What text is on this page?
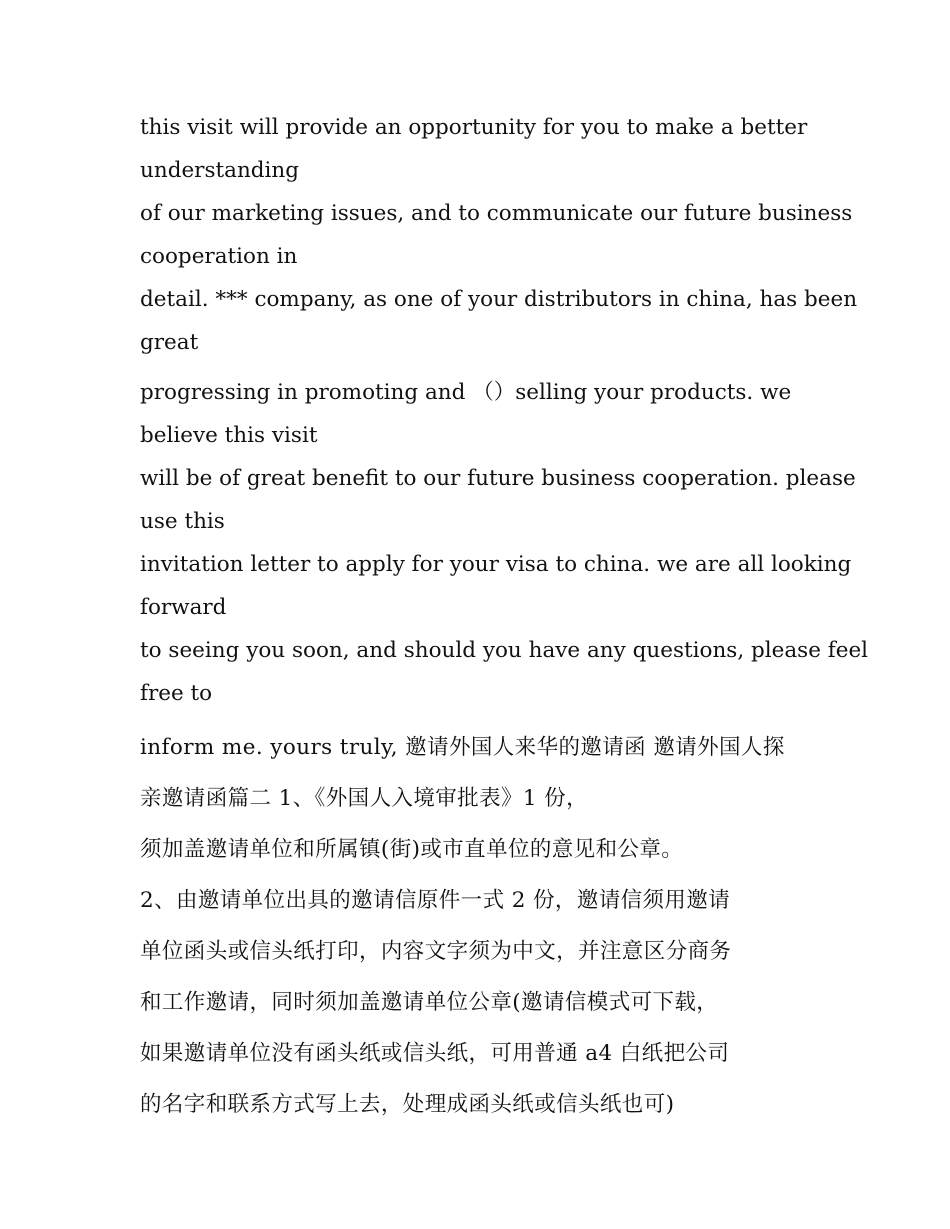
this visit will provide an opportunity for you to make a better
understanding
of our marketing issues, and to communicate our future business
cooperation in
detail. *** company, as one of your distributors in china, has been
great
progressing in promoting and （）selling your products. we
believe this visit
will be of great benefit to our future business cooperation. please
use this
invitation letter to apply for your visa to china. we are all looking
forward
to seeing you soon, and should you have any questions, please feel
free to
inform me. yours truly, 邀请外国人来华的邀请函 邀请外国人探
亲邀请函篇二 1、《外国人入境审批表》1 份，
须加盖邀请单位和所属镇(街)或市直单位的意见和公章。
2、由邀请单位出具的邀请信原件一式 2 份，邀请信须用邀请
单位函头或信头纸打印，内容文字须为中文，并注意区分商务
和工作邀请，同时须加盖邀请单位公章(邀请信模式可下载，
如果邀请单位没有函头纸或信头纸，可用普通 a4 白纸把公司
的名字和联系方式写上去，处理成函头纸或信头纸也可)
